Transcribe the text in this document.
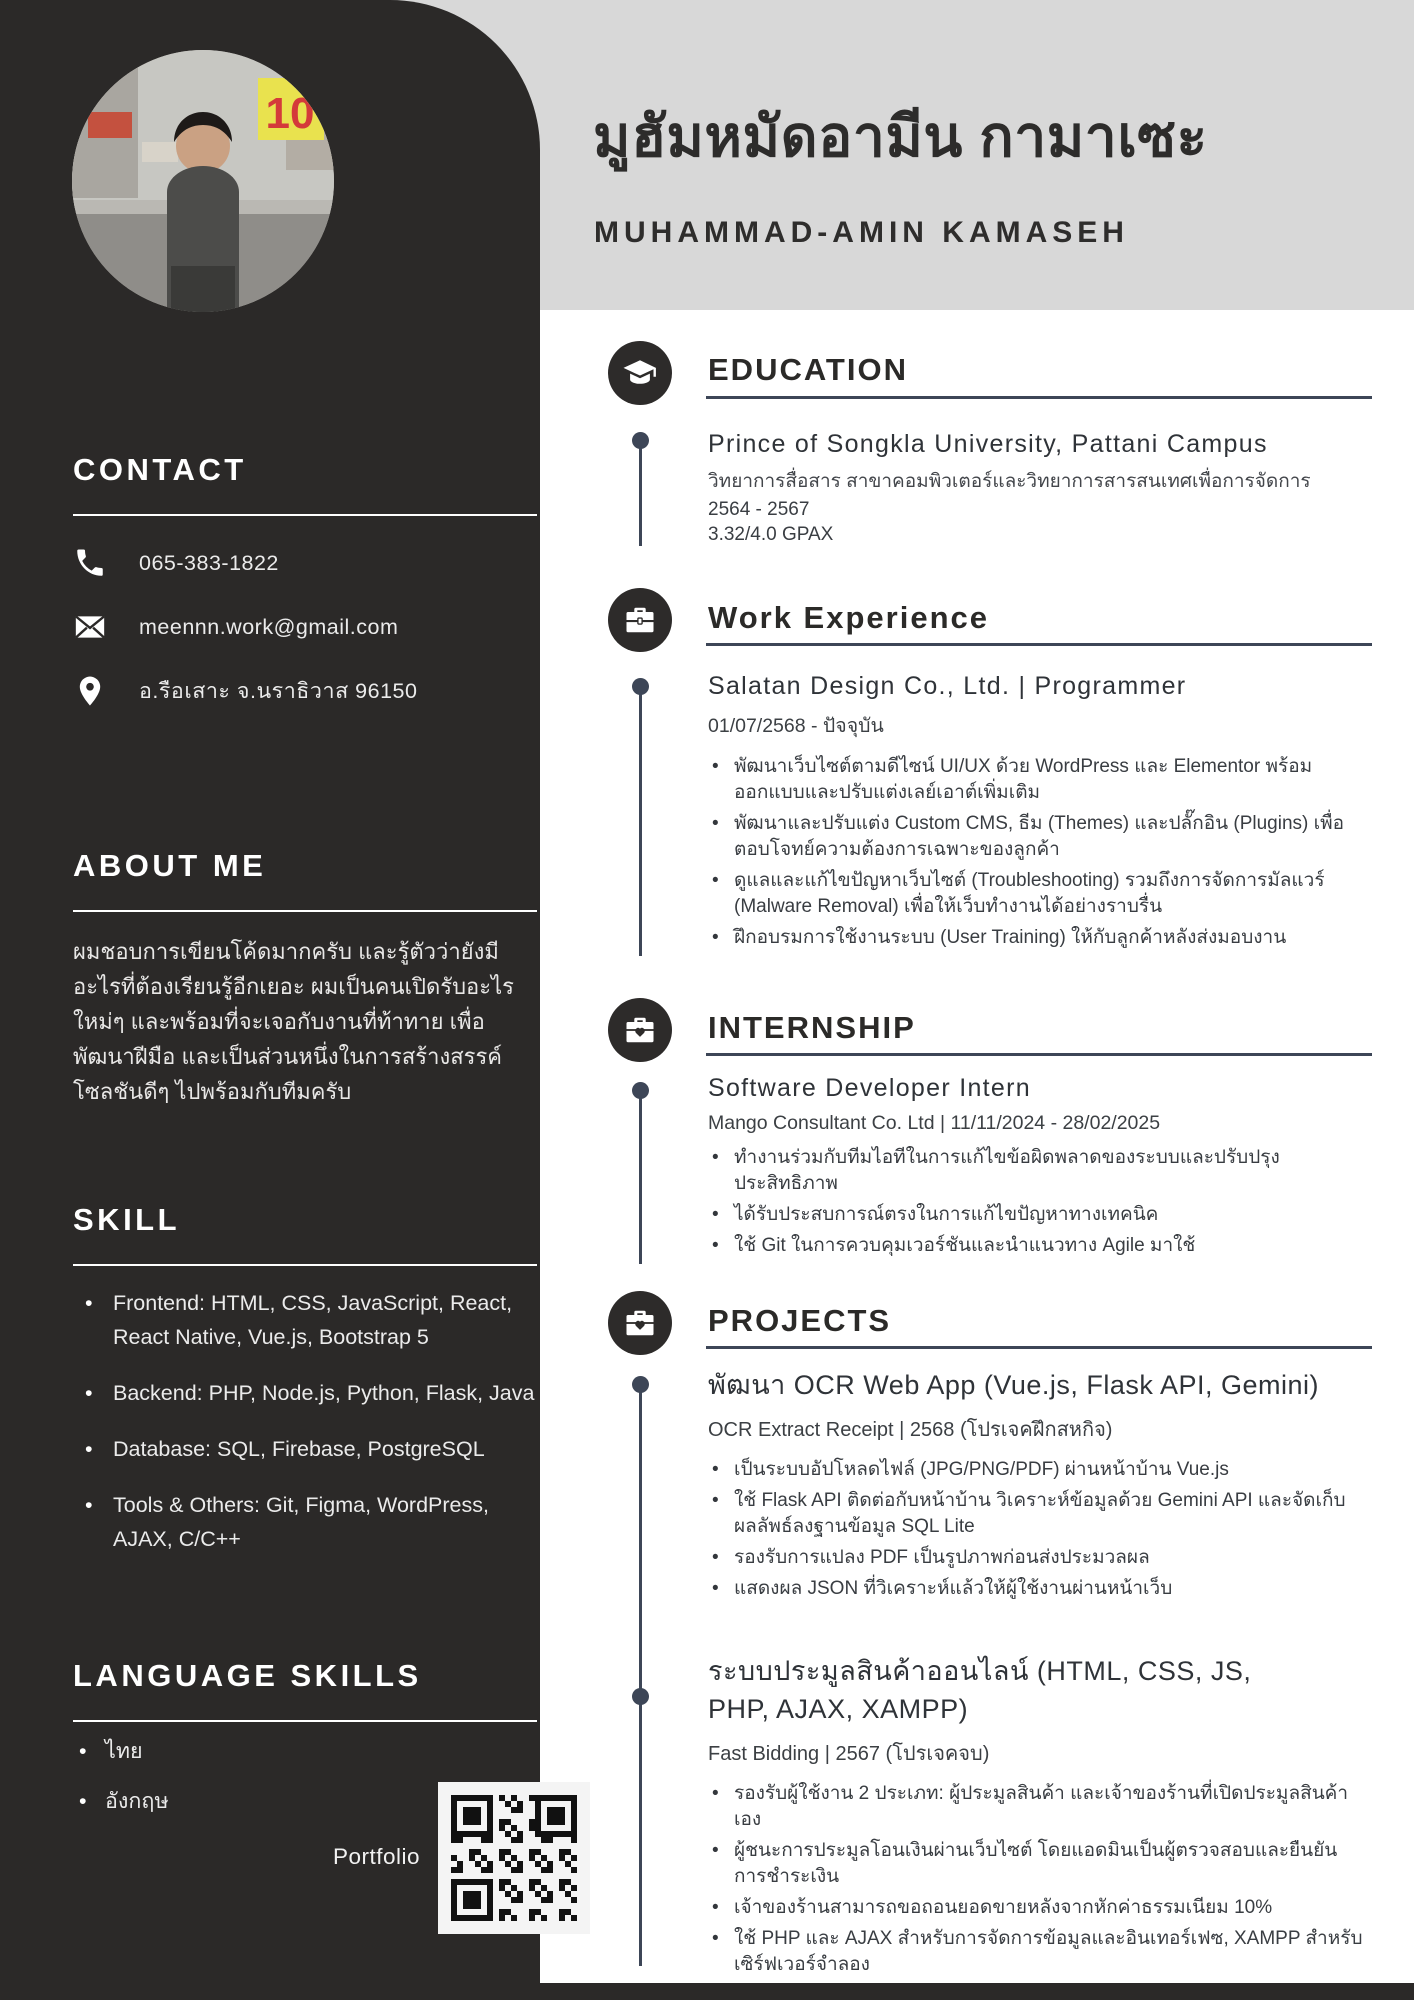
มูฮัมหมัดอามีน กามาเซะ
MUHAMMAD-AMIN KAMASEH
10
CONTACT
065-383-1822
meennn.work@gmail.com
อ.รือเสาะ จ.นราธิวาส 96150
ABOUT ME

ผมชอบการเขียนโค้ดมากครับ และรู้ตัวว่ายังมีอะไรที่ต้องเรียนรู้อีกเยอะ ผมเป็นคนเปิดรับอะไรใหม่ๆ และพร้อมที่จะเจอกับงานที่ท้าทาย เพื่อพัฒนาฝีมือ และเป็นส่วนหนึ่งในการสร้างสรรค์โซลชันดีๆ ไปพร้อมกับทีมครับ

SKILL
• Frontend: HTML, CSS, JavaScript, React, React Native, Vue.js, Bootstrap 5
• Backend: PHP, Node.js, Python, Flask, Java
• Database: SQL, Firebase, PostgreSQL
• Tools & Others: Git, Figma, WordPress, AJAX, C/C++
LANGUAGE SKILLS
• ไทย
• อังกฤษ
Portfolio
EDUCATION
Prince of Songkla University, Pattani Campus
วิทยาการสื่อสาร สาขาคอมพิวเตอร์และวิทยาการสารสนเทศเพื่อการจัดการ
2564 - 2567
3.32/4.0 GPAX
Work Experience
Salatan Design Co., Ltd. | Programmer
01/07/2568 - ปัจจุบัน
• พัฒนาเว็บไซต์ตามดีไซน์ UI/UX ด้วย WordPress และ Elementor พร้อมออกแบบและปรับแต่งเลย์เอาต์เพิ่มเติม
• พัฒนาและปรับแต่ง Custom CMS, ธีม (Themes) และปลั๊กอิน (Plugins) เพื่อตอบโจทย์ความต้องการเฉพาะของลูกค้า
• ดูแลและแก้ไขปัญหาเว็บไซต์ (Troubleshooting) รวมถึงการจัดการมัลแวร์ (Malware Removal) เพื่อให้เว็บทำงานได้อย่างราบรื่น
• ฝึกอบรมการใช้งานระบบ (User Training) ให้กับลูกค้าหลังส่งมอบงาน
INTERNSHIP
Software Developer Intern
Mango Consultant Co. Ltd | 11/11/2024 - 28/02/2025
• ทำงานร่วมกับทีมไอทีในการแก้ไขข้อผิดพลาดของระบบและปรับปรุงประสิทธิภาพ
• ได้รับประสบการณ์ตรงในการแก้ไขปัญหาทางเทคนิค
• ใช้ Git ในการควบคุมเวอร์ชันและนำแนวทาง Agile มาใช้
PROJECTS
พัฒนา OCR Web App (Vue.js, Flask API, Gemini)
OCR Extract Receipt | 2568 (โปรเจคฝึกสหกิจ)
• เป็นระบบอัปโหลดไฟล์ (JPG/PNG/PDF) ผ่านหน้าบ้าน Vue.js
• ใช้ Flask API ติดต่อกับหน้าบ้าน วิเคราะห์ข้อมูลด้วย Gemini API และจัดเก็บผลลัพธ์ลงฐานข้อมูล SQL Lite
• รองรับการแปลง PDF เป็นรูปภาพก่อนส่งประมวลผล
• แสดงผล JSON ที่วิเคราะห์แล้วให้ผู้ใช้งานผ่านหน้าเว็บ
ระบบประมูลสินค้าออนไลน์ (HTML, CSS, JS, PHP, AJAX, XAMPP)
Fast Bidding | 2567 (โปรเจคจบ)
• รองรับผู้ใช้งาน 2 ประเภท: ผู้ประมูลสินค้า และเจ้าของร้านที่เปิดประมูลสินค้าเอง
• ผู้ชนะการประมูลโอนเงินผ่านเว็บไซต์ โดยแอดมินเป็นผู้ตรวจสอบและยืนยันการชำระเงิน
• เจ้าของร้านสามารถขอถอนยอดขายหลังจากหักค่าธรรมเนียม 10%
• ใช้ PHP และ AJAX สำหรับการจัดการข้อมูลและอินเทอร์เฟซ, XAMPP สำหรับเซิร์ฟเวอร์จำลอง
